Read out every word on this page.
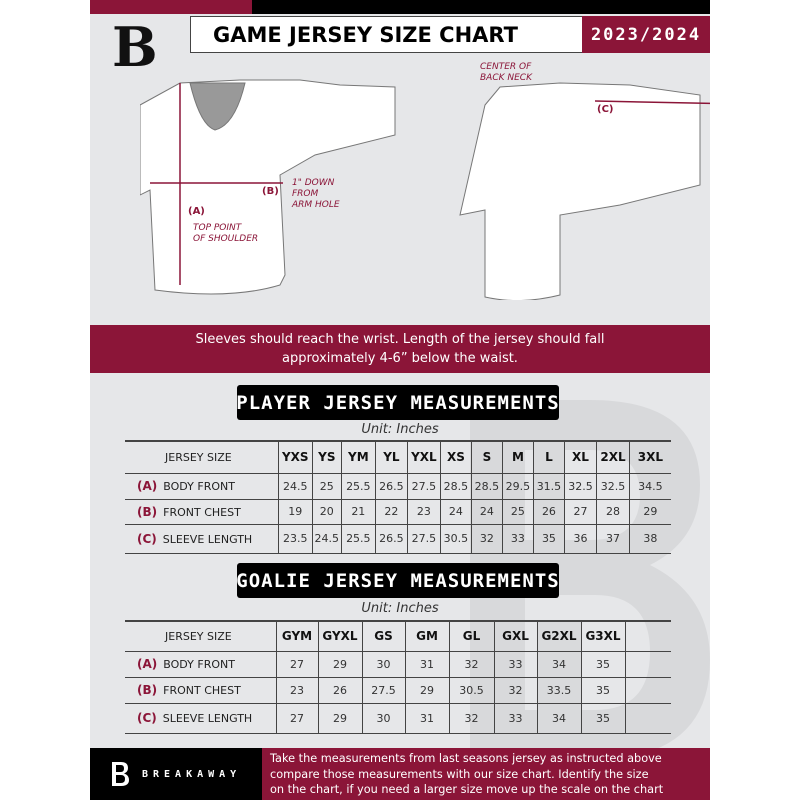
B	GAME JERSEY SIZE CHART	2023/2024
CENTER OF
BACK NECK
(C)
(B)
1" DOWN
FROM
ARM HOLE
(A)
TOP POINT
OF SHOULDER
Sleeves should reach the wrist. Length of the jersey should fall
approximately 4-6” below the waist.
PLAYER JERSEY MEASUREMENTS
Unit: Inches
JERSEY SIZE	YXS	YS	YM	YL	YXL	XS	S	M	L	XL	2XL	3XL
(A) BODY FRONT	24.5	25	25.5	26.5	27.5	28.5	28.5	29.5	31.5	32.5	32.5	34.5
(B) FRONT CHEST	19	20	21	22	23	24	24	25	26	27	28	29
(C) SLEEVE LENGTH	23.5	24.5	25.5	26.5	27.5	30.5	32	33	35	36	37	38
GOALIE JERSEY MEASUREMENTS
Unit: Inches
JERSEY SIZE	GYM	GYXL	GS	GM	GL	GXL	G2XL	G3XL	
(A) BODY FRONT	27	29	30	31	32	33	34	35	
(B) FRONT CHEST	23	26	27.5	29	30.5	32	33.5	35	
(C) SLEEVE LENGTH	27	29	30	31	32	33	34	35	
BREAKAWAY
Take the measurements from last seasons jersey as instructed above
compare those measurements with our size chart. Identify the size
on the chart, if you need a larger size move up the scale on the chart
